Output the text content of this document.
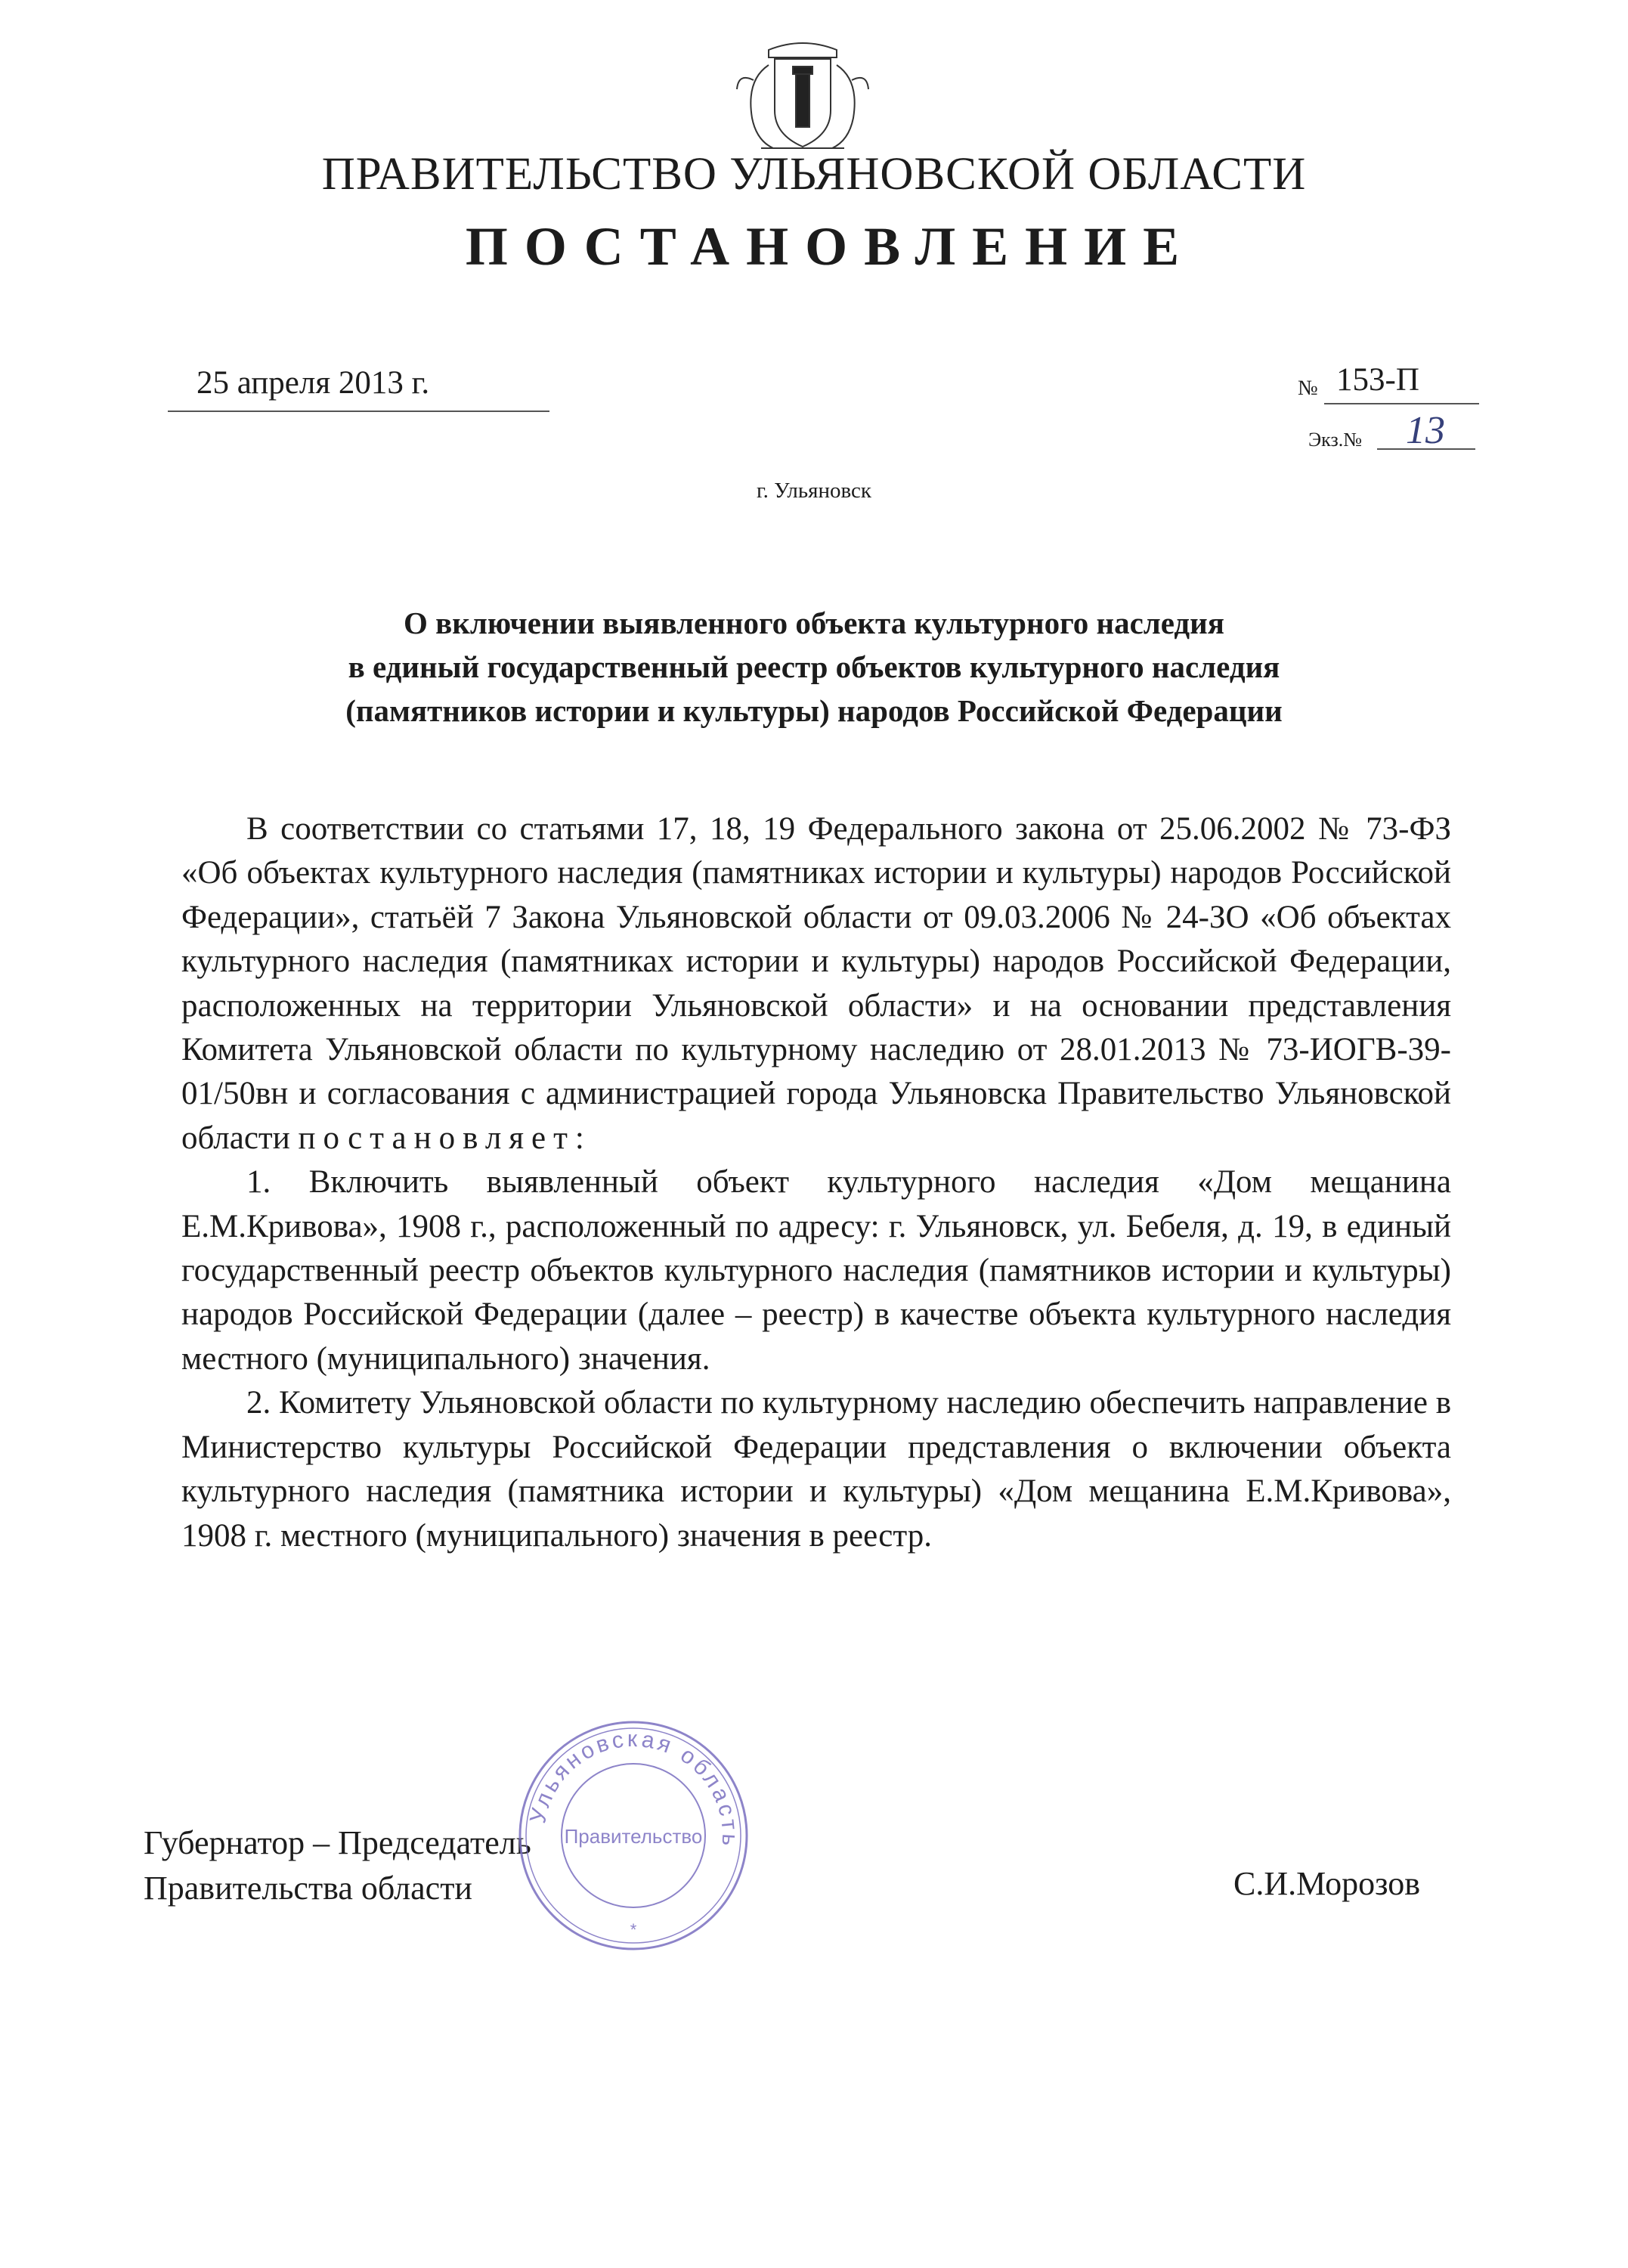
ПРАВИТЕЛЬСТВО УЛЬЯНОВСКОЙ ОБЛАСТИ
ПОСТАНОВЛЕНИЕ
25 апреля 2013 г.	№ 153-П
Экз.№ 13
г. Ульяновск
О включении выявленного объекта культурного наследия
в единый государственный реестр объектов культурного наследия
(памятников истории и культуры) народов Российской Федерации

В соответствии со статьями 17, 18, 19 Федерального закона от 25.06.2002 № 73-ФЗ «Об объектах культурного наследия (памятниках истории и культуры) народов Российской Федерации», статьёй 7 Закона Ульяновской области от 09.03.2006 № 24-ЗО «Об объектах культурного наследия (памятниках истории и культуры) народов Российской Федерации, расположенных на территории Ульяновской области» и на основании представления Комитета Ульяновской области по культурному наследию от 28.01.2013 № 73-ИОГВ-39-01/50вн и согласования с администрацией города Ульяновска Правительство Ульяновской области постановляет:

1. Включить выявленный объект культурного наследия «Дом мещанина Е.М.Кривова», 1908 г., расположенный по адресу: г. Ульяновск, ул. Бебеля, д. 19, в единый государственный реестр объектов культурного наследия (памятников истории и культуры) народов Российской Федерации (далее – реестр) в качестве объекта культурного наследия местного (муниципального) значения.

2. Комитету Ульяновской области по культурному наследию обеспечить направление в Министерство культуры Российской Федерации представления о включении объекта культурного наследия (памятника истории и культуры) «Дом мещанина Е.М.Кривова», 1908 г. местного (муниципального) значения в реестр.

Губернатор – Председатель
Правительства области	С.И.Морозов
Ульяновская область
Правительство
*
